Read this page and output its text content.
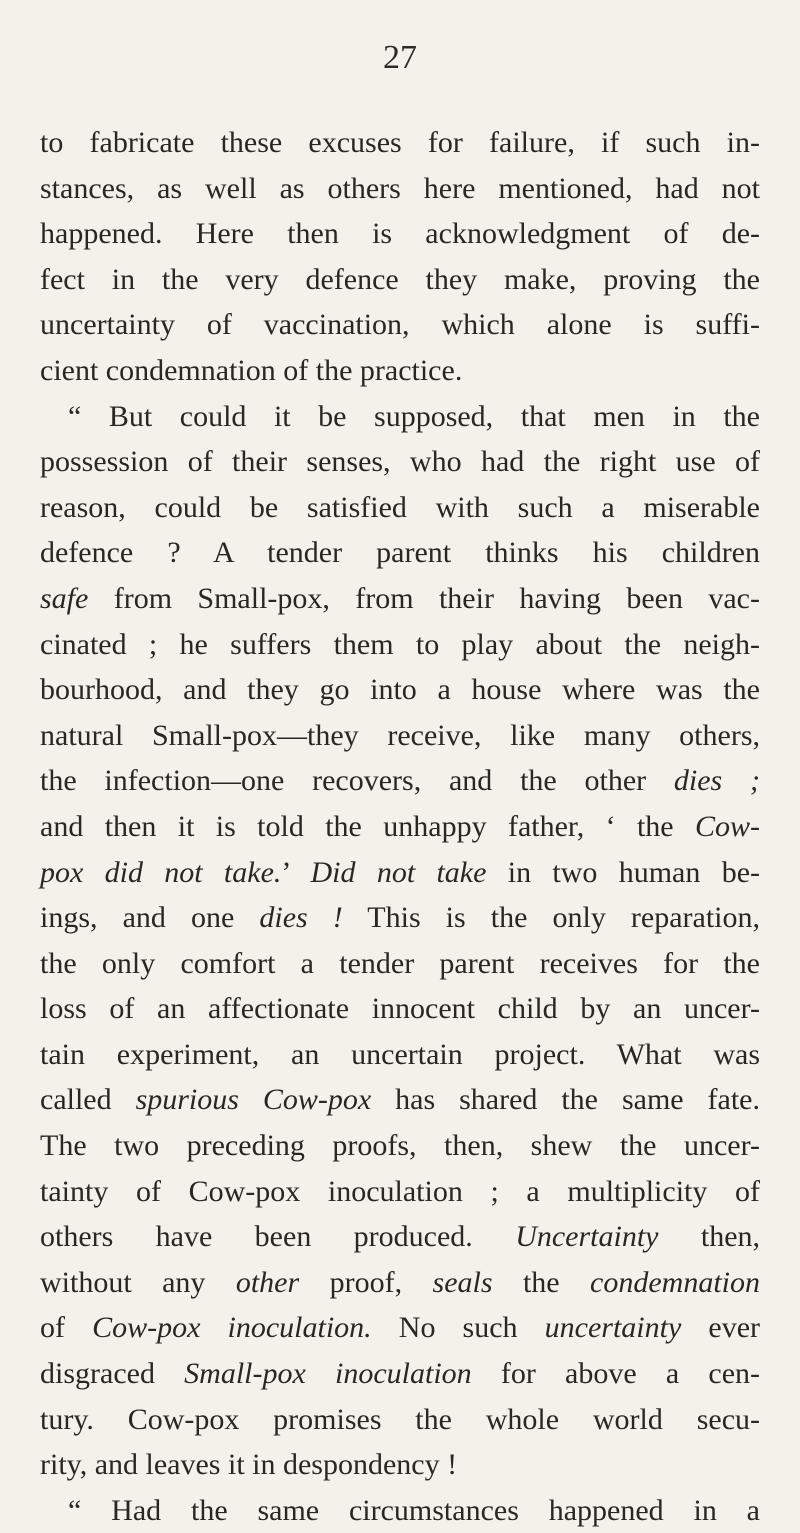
27
to fabricate these excuses for failure, if such in-
stances, as well as others here mentioned, had not
happened. Here then is acknowledgment of de-
fect in the very defence they make, proving the
uncertainty of vaccination, which alone is suffi-
cient condemnation of the practice.
“ But could it be supposed, that men in the
possession of their senses, who had the right use of
reason, could be satisfied with such a miserable
defence ? A tender parent thinks his children
safe from Small-pox, from their having been vac-
cinated ; he suffers them to play about the neigh-
bourhood, and they go into a house where was the
natural Small-pox—they receive, like many others,
the infection—one recovers, and the other dies ;
and then it is told the unhappy father, ‘ the Cow-
pox did not take.’ Did not take in two human be-
ings, and one dies ! This is the only reparation,
the only comfort a tender parent receives for the
loss of an affectionate innocent child by an uncer-
tain experiment, an uncertain project. What was
called spurious Cow-pox has shared the same fate.
The two preceding proofs, then, shew the uncer-
tainty of Cow-pox inoculation ; a multiplicity of
others have been produced. Uncertainty then,
without any other proof, seals the condemnation
of Cow-pox inoculation. No such uncertainty ever
disgraced Small-pox inoculation for above a cen-
tury. Cow-pox promises the whole world secu-
rity, and leaves it in despondency !
“ Had the same circumstances happened in a
